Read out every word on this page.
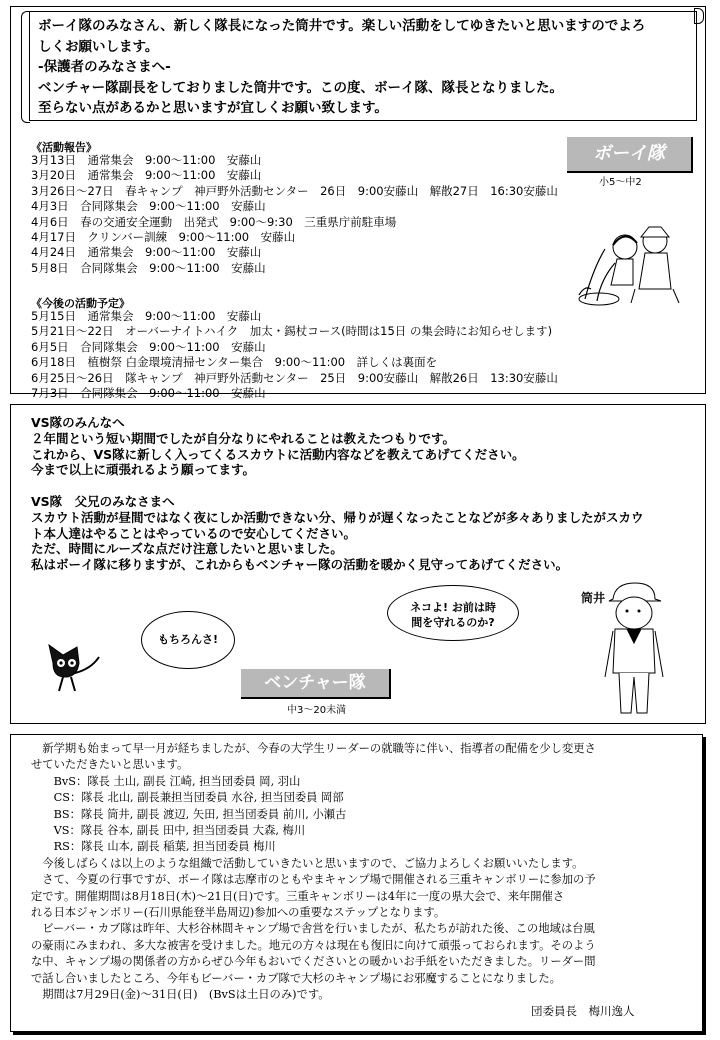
ボーイ隊のみなさん、新しく隊長になった筒井です。楽しい活動をしてゆきたいと思いますのでよろ
しくお願いします。
-保護者のみなさまへ-
ベンチャー隊副長をしておりました筒井です。この度、ボーイ隊、隊長となりました。
至らない点があるかと思いますが宜しくお願い致します。
《活動報告》
3月13日　通常集会　9:00～11:00　安藤山
3月20日　通常集会　9:00～11:00　安藤山
3月26日～27日　春キャンプ　神戸野外活動センター　26日　9:00安藤山　解散27日　16:30安藤山
4月3日　合同隊集会　9:00～11:00　安藤山
4月6日　春の交通安全運動　出発式　9:00～9:30　三重県庁前駐車場
4月17日　クリンバー訓練　9:00～11:00　安藤山
4月24日　通常集会　9:00～11:00　安藤山
5月8日　合同隊集会　9:00～11:00　安藤山
《今後の活動予定》
5月15日　通常集会　9:00～11:00　安藤山
5月21日～22日　オーバーナイトハイク　加太・錫杖コース(時間は15日 の集会時にお知らせします)
6月5日　合同隊集会　9:00～11:00　安藤山
6月18日　植樹祭 白金環境清掃センター集合　9:00～11:00　詳しくは裏面を
6月25日～26日　隊キャンプ　神戸野外活動センター　25日　9:00安藤山　解散26日　13:30安藤山
7月3日　合同隊集会　9:00～11:00　安藤山
ボーイ隊
小5～中2
VS隊のみんなへ
２年間という短い期間でしたが自分なりにやれることは教えたつもりです。
これから、VS隊に新しく入ってくるスカウトに活動内容などを教えてあげてください。
今まで以上に頑張れるよう願ってます。
VS隊　父兄のみなさまへ
スカウト活動が昼間ではなく夜にしか活動できない分、帰りが遅くなったことなどが多々ありましたがスカウ
ト本人達はやることはやっているので安心してください。
ただ、時間にルーズな点だけ注意したいと思いました。
私はボーイ隊に移りますが、これからもベンチャー隊の活動を暖かく見守ってあげてください。
もちろんさ!
ネコよ! お前は時
間を守れるのか?
筒井
ベンチャー隊
中3～20未満
　新学期も始まって早一月が経ちましたが、今春の大学生リーダーの就職等に伴い、指導者の配備を少し変更さ
せていただきたいと思います。
　　BvS：隊長 土山, 副長 江崎, 担当団委員 岡, 羽山
　　CS：隊長 北山, 副長兼担当団委員 水谷, 担当団委員 岡部
　　BS：隊長 筒井, 副長 渡辺, 矢田, 担当団委員 前川, 小瀬古
　　VS：隊長 谷本, 副長 田中, 担当団委員 大森, 梅川
　　RS：隊長 山本, 副長 稲葉, 担当団委員 梅川
　今後しばらくは以上のような組織で活動していきたいと思いますので、ご協力よろしくお願いいたします。
　さて、今夏の行事ですが、ボーイ隊は志摩市のともやまキャンプ場で開催される三重キャンボリーに参加の予
定です。開催期間は8月18日(木)～21日(日)です。三重キャンボリーは4年に一度の県大会で、来年開催さ
れる日本ジャンボリー(石川県能登半島周辺)参加への重要なステップとなります。
　ビーバー・カブ隊は昨年、大杉谷林間キャンプ場で舎営を行いましたが、私たちが訪れた後、この地域は台風
の豪雨にみまわれ、多大な被害を受けました。地元の方々は現在も復旧に向けて頑張っておられます。そのよう
な中、キャンプ場の関係者の方からぜひ今年もおいでくださいとの暖かいお手紙をいただきました。リーダー間
で話し合いましたところ、今年もビーバー・カブ隊で大杉のキャンプ場にお邪魔することになりました。
　期間は7月29日(金)～31日(日)　(BvSは土日のみ)です。
団委員長　梅川逸人
